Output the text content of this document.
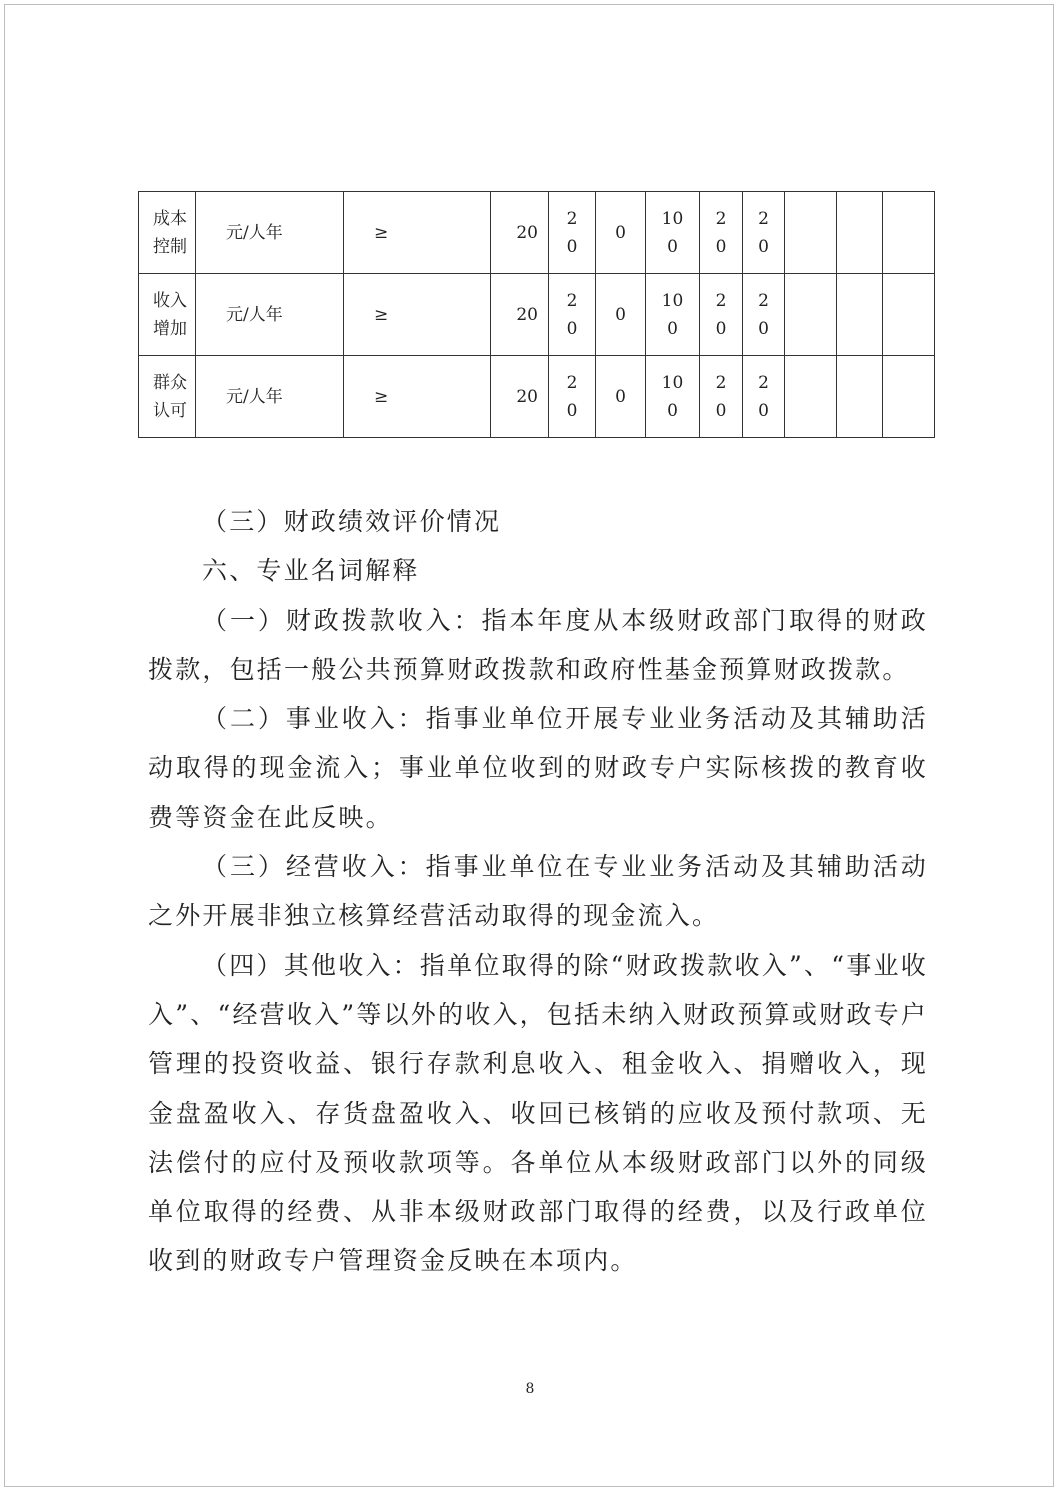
成本控制	元/人年	≥	20	20	0	100	20	20			
收入增加	元/人年	≥	20	20	0	100	20	20			
群众认可	元/人年	≥	20	20	0	100	20	20			

（三）财政绩效评价情况

六、专业名词解释

（一）财政拨款收入：指本年度从本级财政部门取得的财政拨款，包括一般公共预算财政拨款和政府性基金预算财政拨款。

（二）事业收入：指事业单位开展专业业务活动及其辅助活动取得的现金流入；事业单位收到的财政专户实际核拨的教育收费等资金在此反映。

（三）经营收入：指事业单位在专业业务活动及其辅助活动之外开展非独立核算经营活动取得的现金流入。

（四）其他收入：指单位取得的除“财政拨款收入”、“事业收入”、“经营收入”等以外的收入，包括未纳入财政预算或财政专户管理的投资收益、银行存款利息收入、租金收入、捐赠收入，现金盘盈收入、存货盘盈收入、收回已核销的应收及预付款项、无法偿付的应付及预收款项等。各单位从本级财政部门以外的同级单位取得的经费、从非本级财政部门取得的经费，以及行政单位收到的财政专户管理资金反映在本项内。

8
